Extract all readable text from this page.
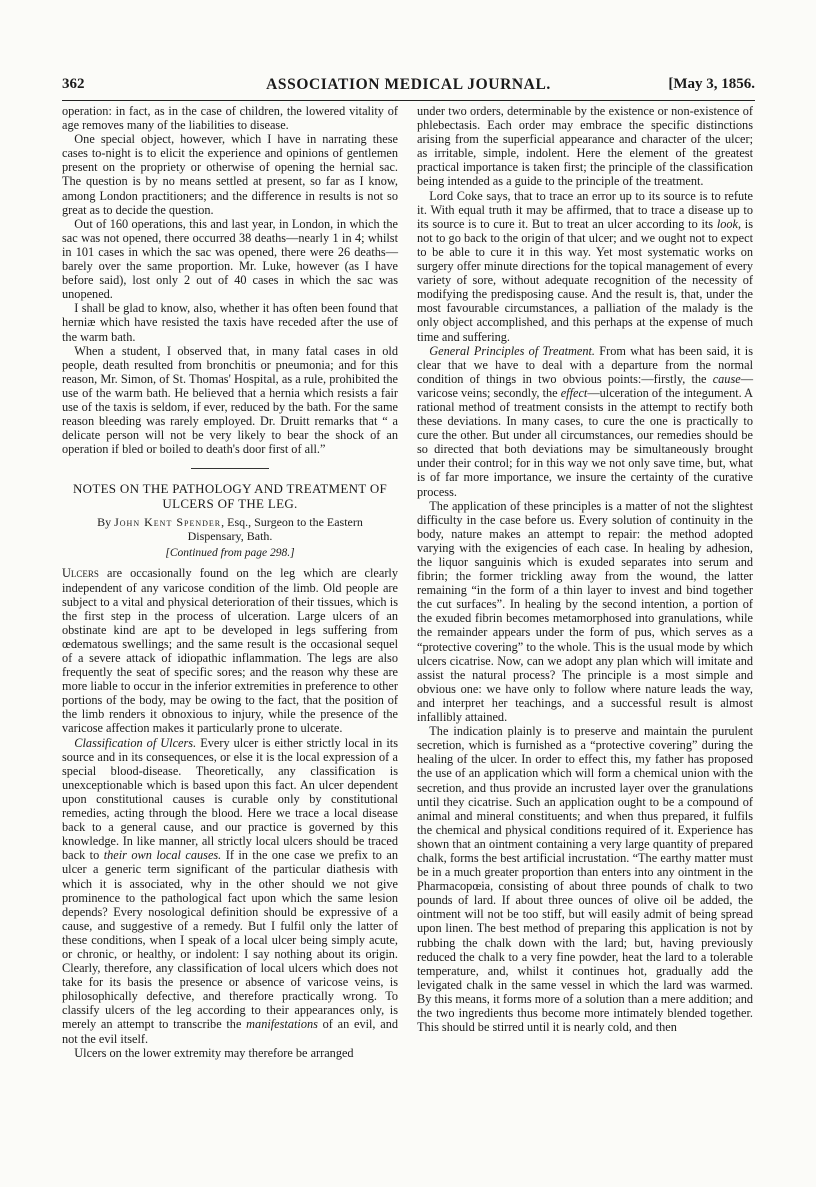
362	ASSOCIATION MEDICAL JOURNAL.	[May 3, 1856.

operation: in fact, as in the case of children, the lowered vitality of age removes many of the liabilities to disease.

One special object, however, which I have in narrating these cases to-night is to elicit the experience and opinions of gentlemen present on the propriety or otherwise of opening the hernial sac. The question is by no means settled at present, so far as I know, among London practitioners; and the difference in results is not so great as to decide the question.

Out of 160 operations, this and last year, in London, in which the sac was not opened, there occurred 38 deaths—nearly 1 in 4; whilst in 101 cases in which the sac was opened, there were 26 deaths—barely over the same proportion. Mr. Luke, however (as I have before said), lost only 2 out of 40 cases in which the sac was unopened.

I shall be glad to know, also, whether it has often been found that herniæ which have resisted the taxis have receded after the use of the warm bath.

When a student, I observed that, in many fatal cases in old people, death resulted from bronchitis or pneumonia; and for this reason, Mr. Simon, of St. Thomas' Hospital, as a rule, prohibited the use of the warm bath. He believed that a hernia which resists a fair use of the taxis is seldom, if ever, reduced by the bath. For the same reason bleeding was rarely employed. Dr. Druitt remarks that “ a delicate person will not be very likely to bear the shock of an operation if bled or boiled to death's door first of all.”

NOTES ON THE PATHOLOGY AND TREATMENT OF ULCERS OF THE LEG.
By John Kent Spender, Esq., Surgeon to the Eastern Dispensary, Bath.
[Continued from page 298.]

Ulcers are occasionally found on the leg which are clearly independent of any varicose condition of the limb. Old people are subject to a vital and physical deterioration of their tissues, which is the first step in the process of ulceration. Large ulcers of an obstinate kind are apt to be developed in legs suffering from œdematous swellings; and the same result is the occasional sequel of a severe attack of idiopathic inflammation. The legs are also frequently the seat of specific sores; and the reason why these are more liable to occur in the inferior extremities in preference to other portions of the body, may be owing to the fact, that the position of the limb renders it obnoxious to injury, while the presence of the varicose affection makes it particularly prone to ulcerate.

Classification of Ulcers. Every ulcer is either strictly local in its source and in its consequences, or else it is the local expression of a special blood-disease. Theoretically, any classification is unexceptionable which is based upon this fact. An ulcer dependent upon constitutional causes is curable only by constitutional remedies, acting through the blood. Here we trace a local disease back to a general cause, and our practice is governed by this knowledge. In like manner, all strictly local ulcers should be traced back to their own local causes. If in the one case we prefix to an ulcer a generic term significant of the particular diathesis with which it is associated, why in the other should we not give prominence to the pathological fact upon which the same lesion depends? Every nosological definition should be expressive of a cause, and suggestive of a remedy. But I fulfil only the latter of these conditions, when I speak of a local ulcer being simply acute, or chronic, or healthy, or indolent: I say nothing about its origin. Clearly, therefore, any classification of local ulcers which does not take for its basis the presence or absence of varicose veins, is philosophically defective, and therefore practically wrong. To classify ulcers of the leg according to their appearances only, is merely an attempt to transcribe the manifestations of an evil, and not the evil itself.

Ulcers on the lower extremity may therefore be arranged

under two orders, determinable by the existence or non-existence of phlebectasis. Each order may embrace the specific distinctions arising from the superficial appearance and character of the ulcer; as irritable, simple, indolent. Here the element of the greatest practical importance is taken first; the principle of the classification being intended as a guide to the principle of the treatment.

Lord Coke says, that to trace an error up to its source is to refute it. With equal truth it may be affirmed, that to trace a disease up to its source is to cure it. But to treat an ulcer according to its look, is not to go back to the origin of that ulcer; and we ought not to expect to be able to cure it in this way. Yet most systematic works on surgery offer minute directions for the topical management of every variety of sore, without adequate recognition of the necessity of modifying the predisposing cause. And the result is, that, under the most favourable circumstances, a palliation of the malady is the only object accomplished, and this perhaps at the expense of much time and suffering.

General Principles of Treatment. From what has been said, it is clear that we have to deal with a departure from the normal condition of things in two obvious points:—firstly, the cause—varicose veins; secondly, the effect—ulceration of the integument. A rational method of treatment consists in the attempt to rectify both these deviations. In many cases, to cure the one is practically to cure the other. But under all circumstances, our remedies should be so directed that both deviations may be simultaneously brought under their control; for in this way we not only save time, but, what is of far more importance, we insure the certainty of the curative process.

The application of these principles is a matter of not the slightest difficulty in the case before us. Every solution of continuity in the body, nature makes an attempt to repair: the method adopted varying with the exigencies of each case. In healing by adhesion, the liquor sanguinis which is exuded separates into serum and fibrin; the former trickling away from the wound, the latter remaining “in the form of a thin layer to invest and bind together the cut surfaces”. In healing by the second intention, a portion of the exuded fibrin becomes metamorphosed into granulations, while the remainder appears under the form of pus, which serves as a “protective covering” to the whole. This is the usual mode by which ulcers cicatrise. Now, can we adopt any plan which will imitate and assist the natural process? The principle is a most simple and obvious one: we have only to follow where nature leads the way, and interpret her teachings, and a successful result is almost infallibly attained.

The indication plainly is to preserve and maintain the purulent secretion, which is furnished as a “protective covering” during the healing of the ulcer. In order to effect this, my father has proposed the use of an application which will form a chemical union with the secretion, and thus provide an incrusted layer over the granulations until they cicatrise. Such an application ought to be a compound of animal and mineral constituents; and when thus prepared, it fulfils the chemical and physical conditions required of it. Experience has shown that an ointment containing a very large quantity of prepared chalk, forms the best artificial incrustation. “The earthy matter must be in a much greater proportion than enters into any ointment in the Pharmacopœia, consisting of about three pounds of chalk to two pounds of lard. If about three ounces of olive oil be added, the ointment will not be too stiff, but will easily admit of being spread upon linen. The best method of preparing this application is not by rubbing the chalk down with the lard; but, having previously reduced the chalk to a very fine powder, heat the lard to a tolerable temperature, and, whilst it continues hot, gradually add the levigated chalk in the same vessel in which the lard was warmed. By this means, it forms more of a solution than a mere addition; and the two ingredients thus become more intimately blended together. This should be stirred until it is nearly cold, and then
